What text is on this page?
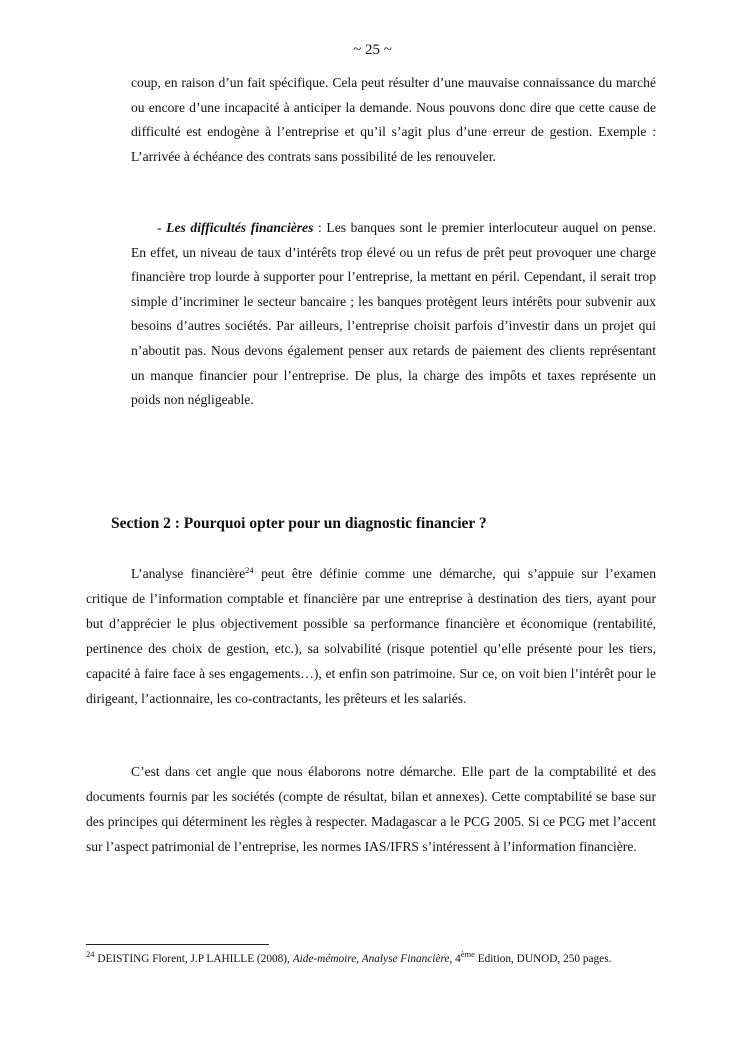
~ 25 ~
coup, en raison d’un fait spécifique. Cela peut résulter d’une mauvaise connaissance du marché ou encore d’une incapacité à anticiper la demande. Nous pouvons donc dire que cette cause de difficulté est endogène à l’entreprise et qu’il s’agit plus d’une erreur de gestion. Exemple : L’arrivée à échéance des contrats sans possibilité de les renouveler.
- Les difficultés financières : Les banques sont le premier interlocuteur auquel on pense. En effet, un niveau de taux d’intérêts trop élevé ou un refus de prêt peut provoquer une charge financière trop lourde à supporter pour l’entreprise, la mettant en péril. Cependant, il serait trop simple d’incriminer le secteur bancaire ; les banques protègent leurs intérêts pour subvenir aux besoins d’autres sociétés. Par ailleurs, l’entreprise choisit parfois d’investir dans un projet qui n’aboutit pas. Nous devons également penser aux retards de paiement des clients représentant un manque financier pour l’entreprise. De plus, la charge des impôts et taxes représente un poids non négligeable.
Section 2 : Pourquoi opter pour un diagnostic financier ?
L’analyse financière$^{24}$ peut être définie comme une démarche, qui s’appuie sur l’examen critique de l’information comptable et financière par une entreprise à destination des tiers, ayant pour but d’apprécier le plus objectivement possible sa performance financière et économique (rentabilité, pertinence des choix de gestion, etc.), sa solvabilité (risque potentiel qu’elle présente pour les tiers, capacité à faire face à ses engagements…), et enfin son patrimoine. Sur ce, on voit bien l’intérêt pour le dirigeant, l’actionnaire, les co-contractants, les prêteurs et les salariés.
C’est dans cet angle que nous élaborons notre démarche. Elle part de la comptabilité et des documents fournis par les sociétés (compte de résultat, bilan et annexes). Cette comptabilité se base sur des principes qui déterminent les règles à respecter. Madagascar a le PCG 2005. Si ce PCG met l’accent sur l’aspect patrimonial de l’entreprise, les normes IAS/IFRS s’intéressent à l’information financière.
$^{24}$ DEISTING Florent, J.P LAHILLE (2008), Aide-mémoire, Analyse Financière, 4ème Edition, DUNOD, 250 pages.
